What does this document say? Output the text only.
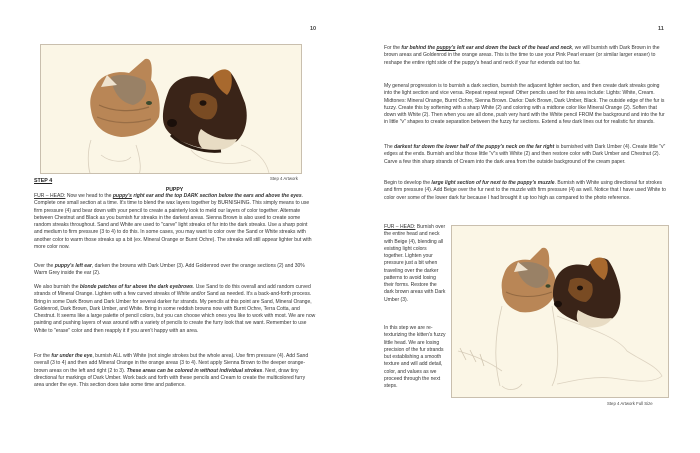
10
Step 4 Artwork
STEP 4
PUPPY

FUR – HEAD: Now we head to the puppy's right ear and the top DARK section below the ears and above the eyes. Complete one small section at a time. It's time to blend the wax layers together by BURNISHING. This simply means to use firm pressure (4) and bear down with your pencil to create a painterly look to meld our layers of color together. Alternate between Chestnut and Black as you burnish fur streaks in the darkest areas. Sienna Brown is also used to create some random streaks throughout. Sand and White are used to "carve" light streaks of fur into the dark streaks. Use a sharp point and medium to firm pressure (3 to 4) to do this. In some cases, you may want to color over the Sand or White streaks with another color to warm those streaks up a bit (ex. Mineral Orange or Burnt Ochre). The streaks will still appear lighter but with more color now.

Over the puppy's left ear, darken the browns with Dark Umber (3). Add Goldenrod over the orange sections (2) and 30% Warm Grey inside the ear (2).

We also burnish the blonde patches of fur above the dark eyebrows. Use Sand to do this overall and add random curved strands of Mineral Orange. Lighten with a few curved streaks of White and/or Sand as needed. It's a back-and-forth process. Bring in some Dark Brown and Dark Umber for several darker fur strands. My pencils at this point are Sand, Mineral Orange, Goldenrod, Dark Brown, Dark Umber, and White. Bring in some reddish browns now with Burnt Ochre, Terra Cotta, and Chestnut. It seems like a large palette of pencil colors, but you can choose which ones you like to work with most. We are now painting and pushing layers of wax around with a variety of pencils to create the furry look that we want. Remember to use White to "erase" color and then reapply it if you aren't happy with an area.

For the fur under the eye, burnish ALL with White (not single strokes but the whole area). Use firm pressure (4). Add Sand overall (3 to 4) and then add Mineral Orange in the orange areas (3 to 4). Next apply Sienna Brown to the deeper orange-brown areas on the left and right (2 to 3). These areas can be colored in without individual strokes. Next, draw tiny directional fur markings of Dark Umber. Work back and forth with these pencils and Cream to create the multicolored furry area under the eye. This section does take some time and patience.

11

For the fur behind the puppy's left ear and down the back of the head and neck, we will burnish with Dark Brown in the brown areas and Goldenrod in the orange areas. This is the time to use your Pink Pearl eraser (or similar larger eraser) to reshape the entire right side of the puppy's head and neck if your fur extends out too far.

My general progression is to burnish a dark section, burnish the adjacent lighter section, and then create dark streaks going into the light section and vice versa. Repeat repeat repeat! Other pencils used for this area include: Lights: White, Cream. Midtones: Mineral Orange, Burnt Ochre, Sienna Brown. Darks: Dark Brown, Dark Umber, Black. The outside edge of the fur is fuzzy. Create this by softening with a sharp White (2) and coloring with a midtone color like Mineral Orange (2). Soften that down with White (2). Then when you are all done, push very hard with the White pencil FROM the background and into the fur in little "v" shapes to create separation between the fuzzy fur sections. Extend a few dark lines out for realistic fur strands.

The darkest fur down the lower half of the puppy's neck on the far right is burnished with Dark Umber (4). Create little "v" edges at the ends. Burnish and blur those little "v"s with White (2) and then restore color with Dark Umber and Chestnut (2). Carve a few thin sharp strands of Cream into the dark area from the outside background of the cream paper.

Begin to develop the large light section of fur next to the puppy's muzzle. Burnish with White using directional fur strokes and firm pressure (4). Add Beige over the fur next to the muzzle with firm pressure (4) as well. Notice that I have used White to color over some of the lower dark fur because I had brought it up too high as compared to the photo reference.

FUR – HEAD: Burnish over the entire head and neck with Beige (4), blending all existing light colors together. Lighten your pressure just a bit when traveling over the darker patterns to avoid losing their forms. Restore the dark brown areas with Dark Umber (3).

In this step we are re-texturizing the kitten's fuzzy little head. We are losing precision of the fur strands but establishing a smooth texture and will add detail, color, and values as we proceed through the next steps.

Step 4 Artwork Full Size
